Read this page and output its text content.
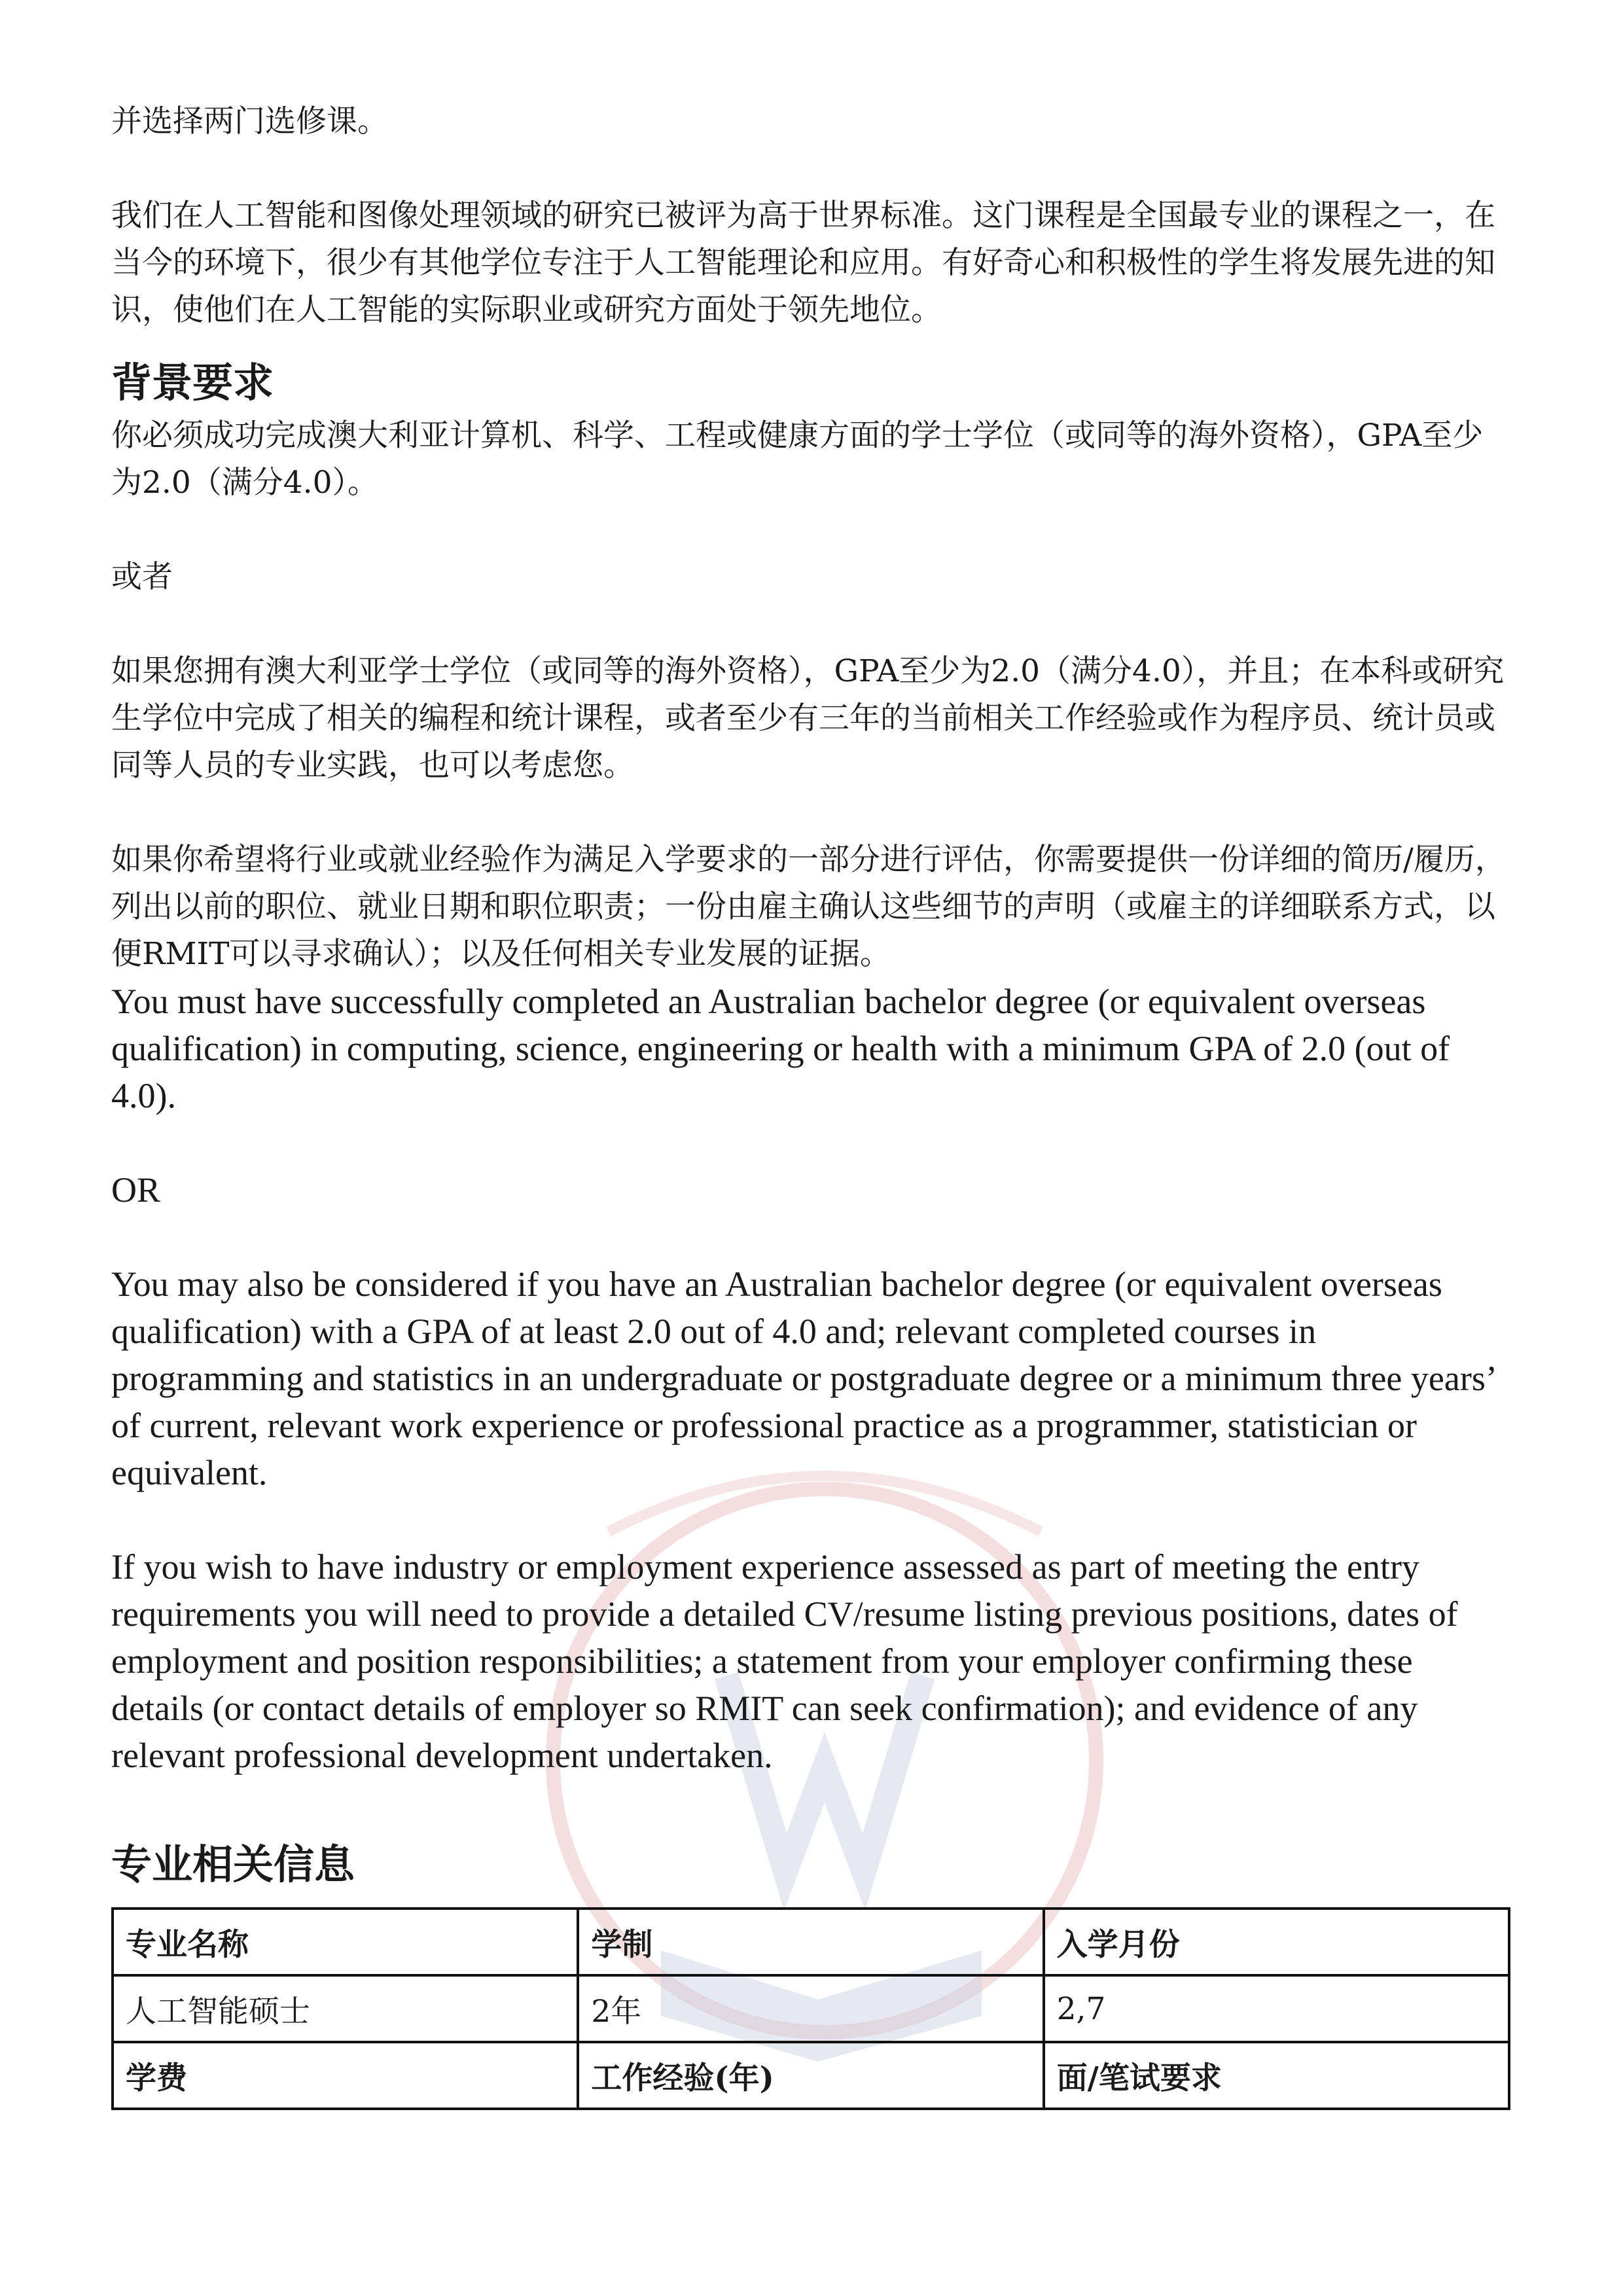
并选择两门选修课。

我们在人工智能和图像处理领域的研究已被评为高于世界标准。这门课程是全国最专业的课程之一，在当今的环境下，很少有其他学位专注于人工智能理论和应用。有好奇心和积极性的学生将发展先进的知识，使他们在人工智能的实际职业或研究方面处于领先地位。

背景要求

你必须成功完成澳大利亚计算机、科学、工程或健康方面的学士学位（或同等的海外资格），GPA至少为2.0（满分4.0）。

或者

如果您拥有澳大利亚学士学位（或同等的海外资格），GPA至少为2.0（满分4.0），并且；在本科或研究生学位中完成了相关的编程和统计课程，或者至少有三年的当前相关工作经验或作为程序员、统计员或同等人员的专业实践，也可以考虑您。

如果你希望将行业或就业经验作为满足入学要求的一部分进行评估，你需要提供一份详细的简历/履历，列出以前的职位、就业日期和职位职责；一份由雇主确认这些细节的声明（或雇主的详细联系方式，以便RMIT可以寻求确认）；以及任何相关专业发展的证据。

You must have successfully completed an Australian bachelor degree (or equivalent overseas qualification) in computing, science, engineering or health with a minimum GPA of 2.0 (out of 4.0).

OR

You may also be considered if you have an Australian bachelor degree (or equivalent overseas qualification) with a GPA of at least 2.0 out of 4.0 and; relevant completed courses in programming and statistics in an undergraduate or postgraduate degree or a minimum three years’ of current, relevant work experience or professional practice as a programmer, statistician or equivalent.

If you wish to have industry or employment experience assessed as part of meeting the entry requirements you will need to provide a detailed CV/resume listing previous positions, dates of employment and position responsibilities; a statement from your employer confirming these details (or contact details of employer so RMIT can seek confirmation); and evidence of any relevant professional development undertaken.

专业相关信息
专业名称	学制	入学月份
人工智能硕士	2年	2,7
学费	工作经验(年)	面/笔试要求
